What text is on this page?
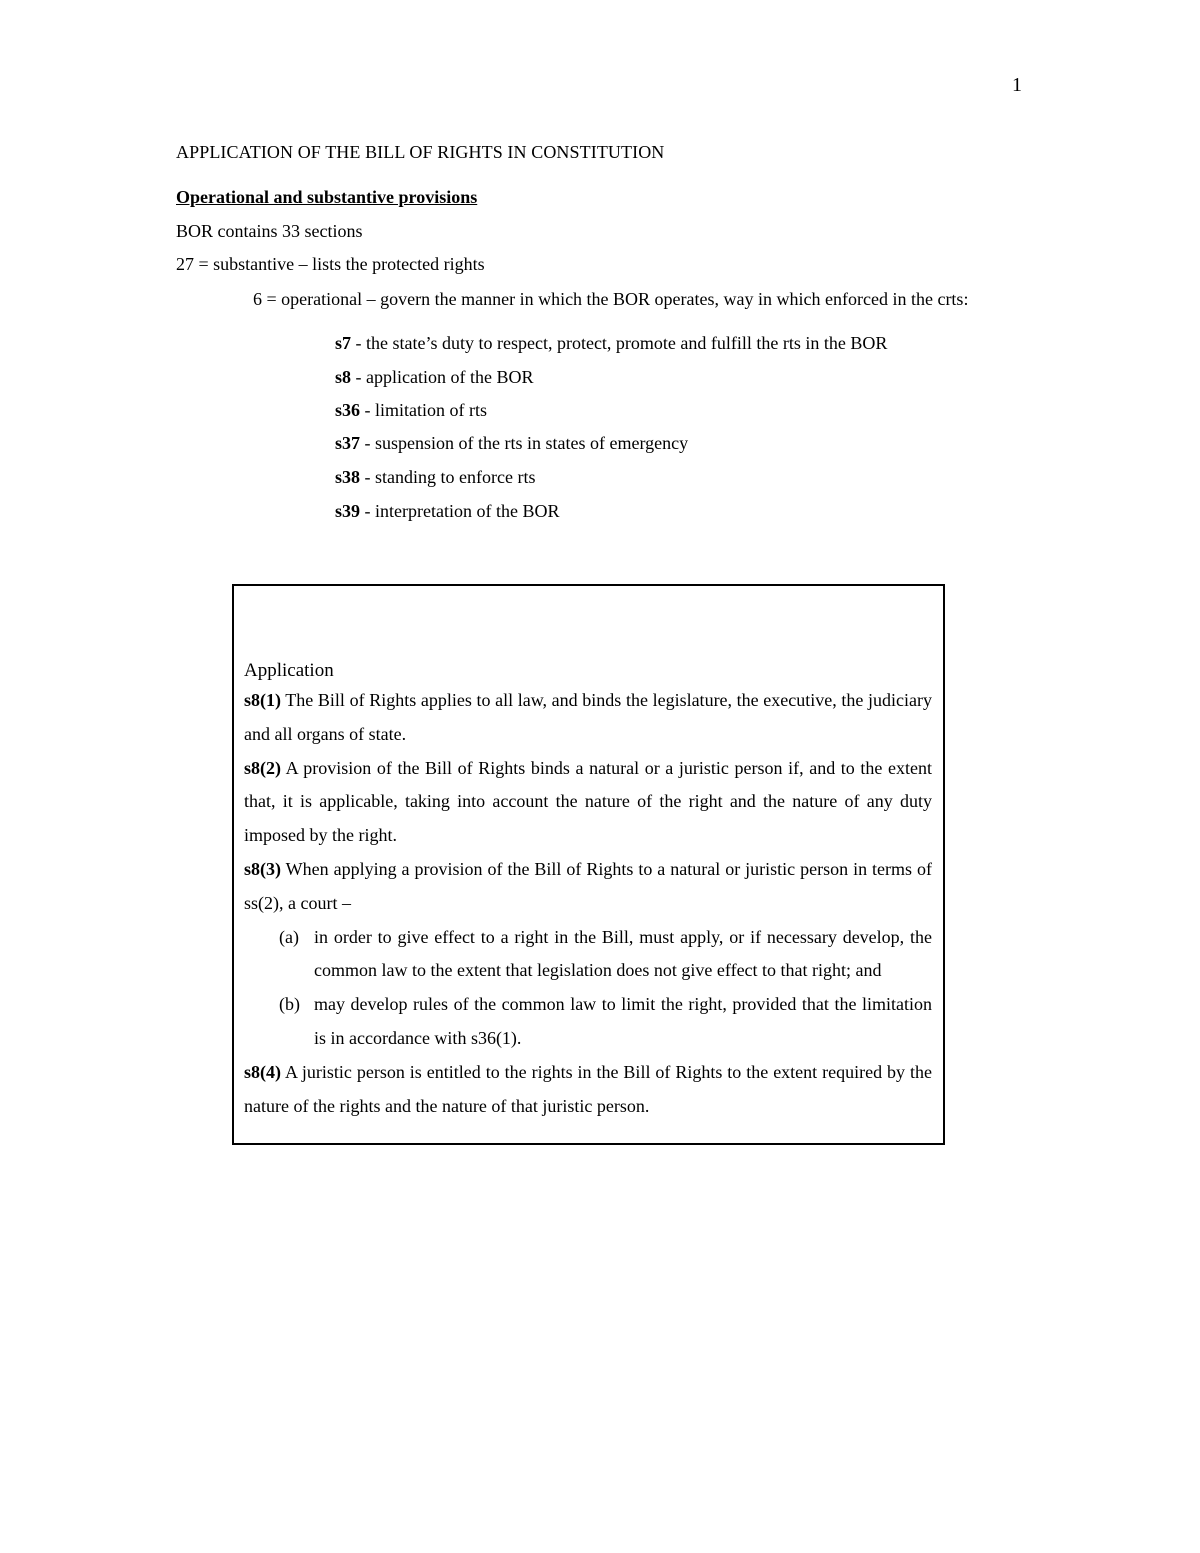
1
APPLICATION OF THE BILL OF RIGHTS IN CONSTITUTION
Operational and substantive provisions
BOR contains 33 sections
27 = substantive – lists the protected rights
6 = operational – govern the manner in which the BOR operates, way in which enforced in the crts:
s7 - the state’s duty to respect, protect, promote and fulfill the rts in the BOR
s8 - application of the BOR
s36 - limitation of rts
s37 - suspension of the rts in states of emergency
s38 - standing to enforce rts
s39 - interpretation of the BOR

Application

s8(1) The Bill of Rights applies to all law, and binds the legislature, the executive, the judiciary and all organs of state.

s8(2) A provision of the Bill of Rights binds a natural or a juristic person if, and to the extent that, it is applicable, taking into account the nature of the right and the nature of any duty imposed by the right.

s8(3) When applying a provision of the Bill of Rights to a natural or juristic person in terms of ss(2), a court –

(a) in order to give effect to a right in the Bill, must apply, or if necessary develop, the common law to the extent that legislation does not give effect to that right; and
(b) may develop rules of the common law to limit the right, provided that the limitation is in accordance with s36(1).

s8(4) A juristic person is entitled to the rights in the Bill of Rights to the extent required by the nature of the rights and the nature of that juristic person.
